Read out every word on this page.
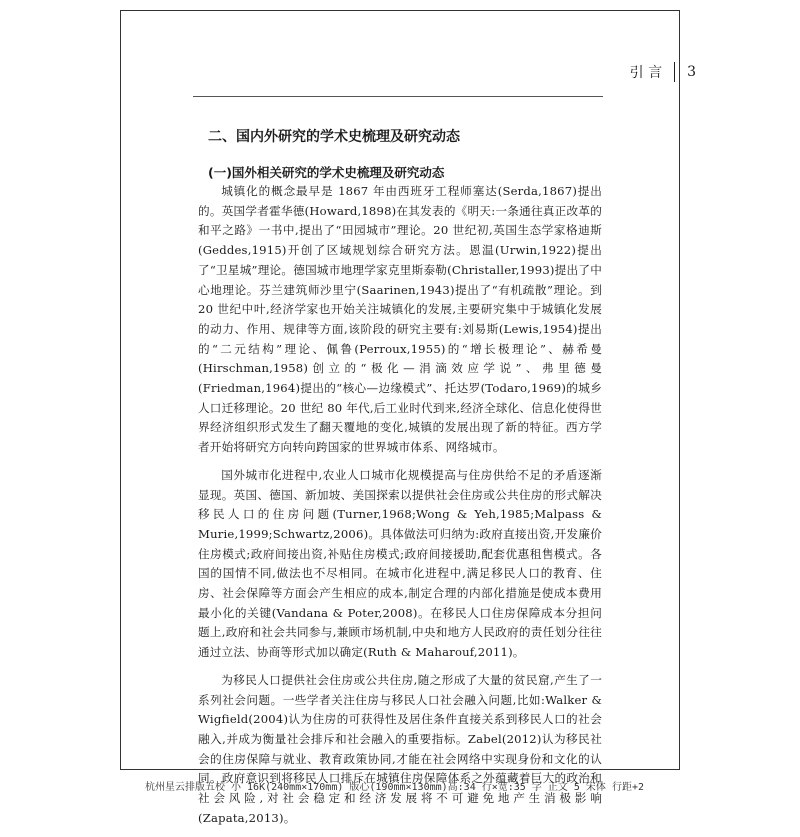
引 言 3
二、国内外研究的学术史梳理及研究动态
(一)国外相关研究的学术史梳理及研究动态

城镇化的概念最早是 1867 年由西班牙工程师塞达(Serda,1867)提出的。英国学者霍华德(Howard,1898)在其发表的《明天:一条通往真正改革的和平之路》一书中,提出了“田园城市”理论。20 世纪初,英国生态学家格迪斯(Geddes,1915)开创了区域规划综合研究方法。恩温(Urwin,1922)提出了“卫星城”理论。德国城市地理学家克里斯泰勒(Christaller,1993)提出了中心地理论。芬兰建筑师沙里宁(Saarinen,1943)提出了“有机疏散”理论。到 20 世纪中叶,经济学家也开始关注城镇化的发展,主要研究集中于城镇化发展的动力、作用、规律等方面,该阶段的研究主要有:刘易斯(Lewis,1954)提出的“二元结构”理论、佩鲁(Perroux,1955)的“增长极理论”、赫希曼(Hirschman,1958)创立的“极化—涓滴效应学说”、弗里德曼(Friedman,1964)提出的“核心—边缘模式”、托达罗(Todaro,1969)的城乡人口迁移理论。20 世纪 80 年代,后工业时代到来,经济全球化、信息化使得世界经济组织形式发生了翻天覆地的变化,城镇的发展出现了新的特征。西方学者开始将研究方向转向跨国家的世界城市体系、网络城市。

国外城市化进程中,农业人口城市化规模提高与住房供给不足的矛盾逐渐显现。英国、德国、新加坡、美国探索以提供社会住房或公共住房的形式解决移民人口的住房问题(Turner,1968;Wong & Yeh,1985;Malpass & Murie,1999;Schwartz,2006)。具体做法可归纳为:政府直接出资,开发廉价住房模式;政府间接出资,补贴住房模式;政府间接援助,配套优惠租售模式。各国的国情不同,做法也不尽相同。在城市化进程中,满足移民人口的教育、住房、社会保障等方面会产生相应的成本,制定合理的内部化措施是使成本费用最小化的关键(Vandana & Poter,2008)。在移民人口住房保障成本分担问题上,政府和社会共同参与,兼顾市场机制,中央和地方人民政府的责任划分往往通过立法、协商等形式加以确定(Ruth & Maharouf,2011)。

为移民人口提供社会住房或公共住房,随之形成了大量的贫民窟,产生了一系列社会问题。一些学者关注住房与移民人口社会融入问题,比如:Walker & Wigfield(2004)认为住房的可获得性及居住条件直接关系到移民人口的社会融入,并成为衡量社会排斥和社会融入的重要指标。Zabel(2012)认为移民社会的住房保障与就业、教育政策协同,才能在社会网络中实现身份和文化的认同。政府意识到将移民人口排斥在城镇住房保障体系之外蕴藏着巨大的政治和社会风险,对社会稳定和经济发展将不可避免地产生消极影响(Zapata,2013)。

杭州星云排版五校 小 16K(240mm×170mm) 版心(190mm×130mm)高:34 行×宽:35 字 正文 5 宋体 行距+2
